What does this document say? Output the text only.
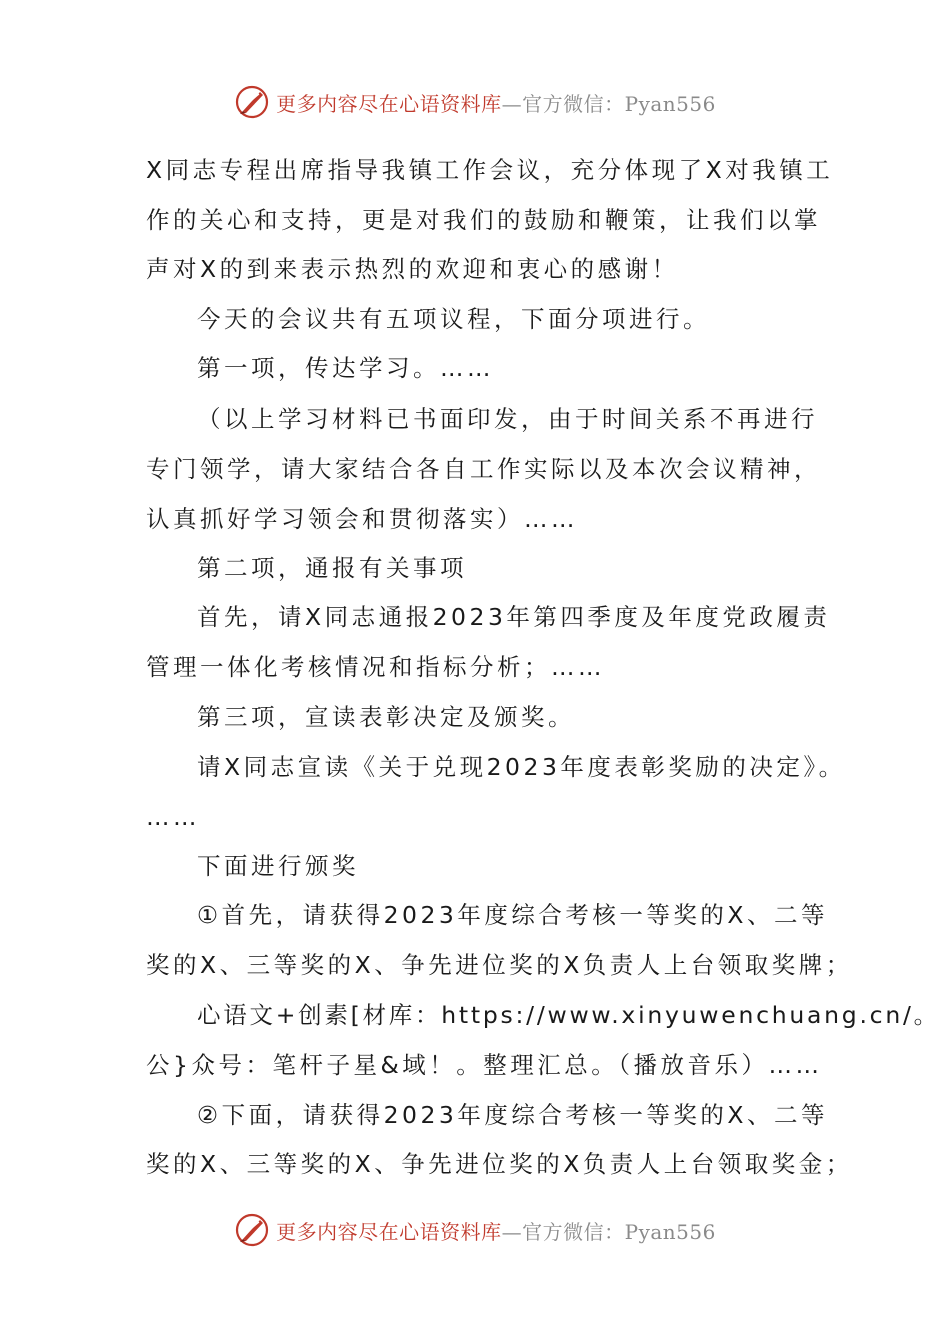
更多内容尽在心语资料库—官方微信：Pyan556
X同志专程出席指导我镇工作会议，充分体现了X对我镇工
作的关心和支持，更是对我们的鼓励和鞭策，让我们以掌
声对X的到来表示热烈的欢迎和衷心的感谢！
今天的会议共有五项议程，下面分项进行。
第一项，传达学习。……
（以上学习材料已书面印发，由于时间关系不再进行
专门领学，请大家结合各自工作实际以及本次会议精神，
认真抓好学习领会和贯彻落实）……
第二项，通报有关事项
首先，请X同志通报2023年第四季度及年度党政履责
管理一体化考核情况和指标分析；……
第三项，宣读表彰决定及颁奖。
请X同志宣读《关于兑现2023年度表彰奖励的决定》。
……
下面进行颁奖
①首先，请获得2023年度综合考核一等奖的X、二等
奖的X、三等奖的X、争先进位奖的X负责人上台领取奖牌；
心语文+创素[材库：https://www.xinyuwenchuang.cn/。
公}众号：笔杆子星&域！。整理汇总。（播放音乐）……
②下面，请获得2023年度综合考核一等奖的X、二等
奖的X、三等奖的X、争先进位奖的X负责人上台领取奖金；
更多内容尽在心语资料库—官方微信：Pyan556
